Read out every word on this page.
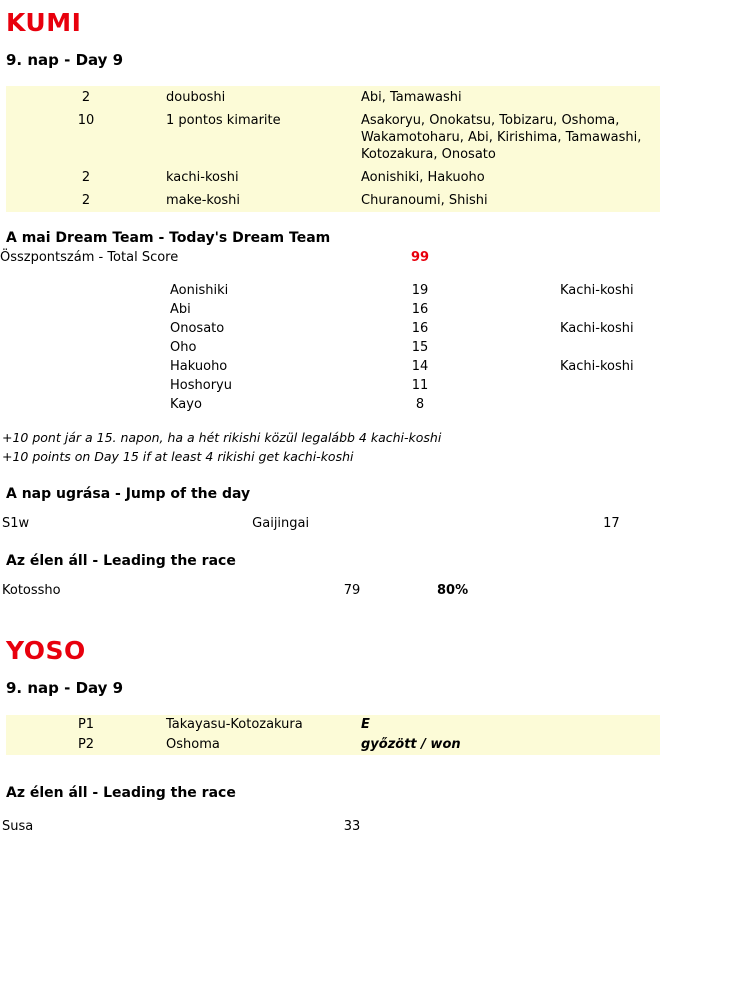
KUMI
9. nap - Day 9
2	douboshi	Abi, Tamawashi
10	1 pontos kimarite	Asakoryu, Onokatsu, Tobizaru, Oshoma, Wakamotoharu, Abi, Kirishima, Tamawashi, Kotozakura, Onosato
2	kachi-koshi	Aonishiki, Hakuoho
2	make-koshi	Churanoumi, Shishi
A mai Dream Team - Today's Dream Team
Összpontszám - Total Score	99	

Aonishiki	19	Kachi-koshi
Abi	16	
Onosato	16	Kachi-koshi
Oho	15	
Hakuoho	14	Kachi-koshi
Hoshoryu	11	
Kayo	8	
+10 pont jár a 15. napon, ha a hét rikishi közül legalább 4 kachi-koshi
+10 points on Day 15 if at least 4 rikishi get kachi-koshi
A nap ugrása - Jump of the day
S1w	Gaijingai	17
Az élen áll - Leading the race
Kotossho	79	80%
YOSO
9. nap - Day 9
P1	Takayasu-Kotozakura	E
P2	Oshoma	győzött / won
Az élen áll - Leading the race
Susa	33	
